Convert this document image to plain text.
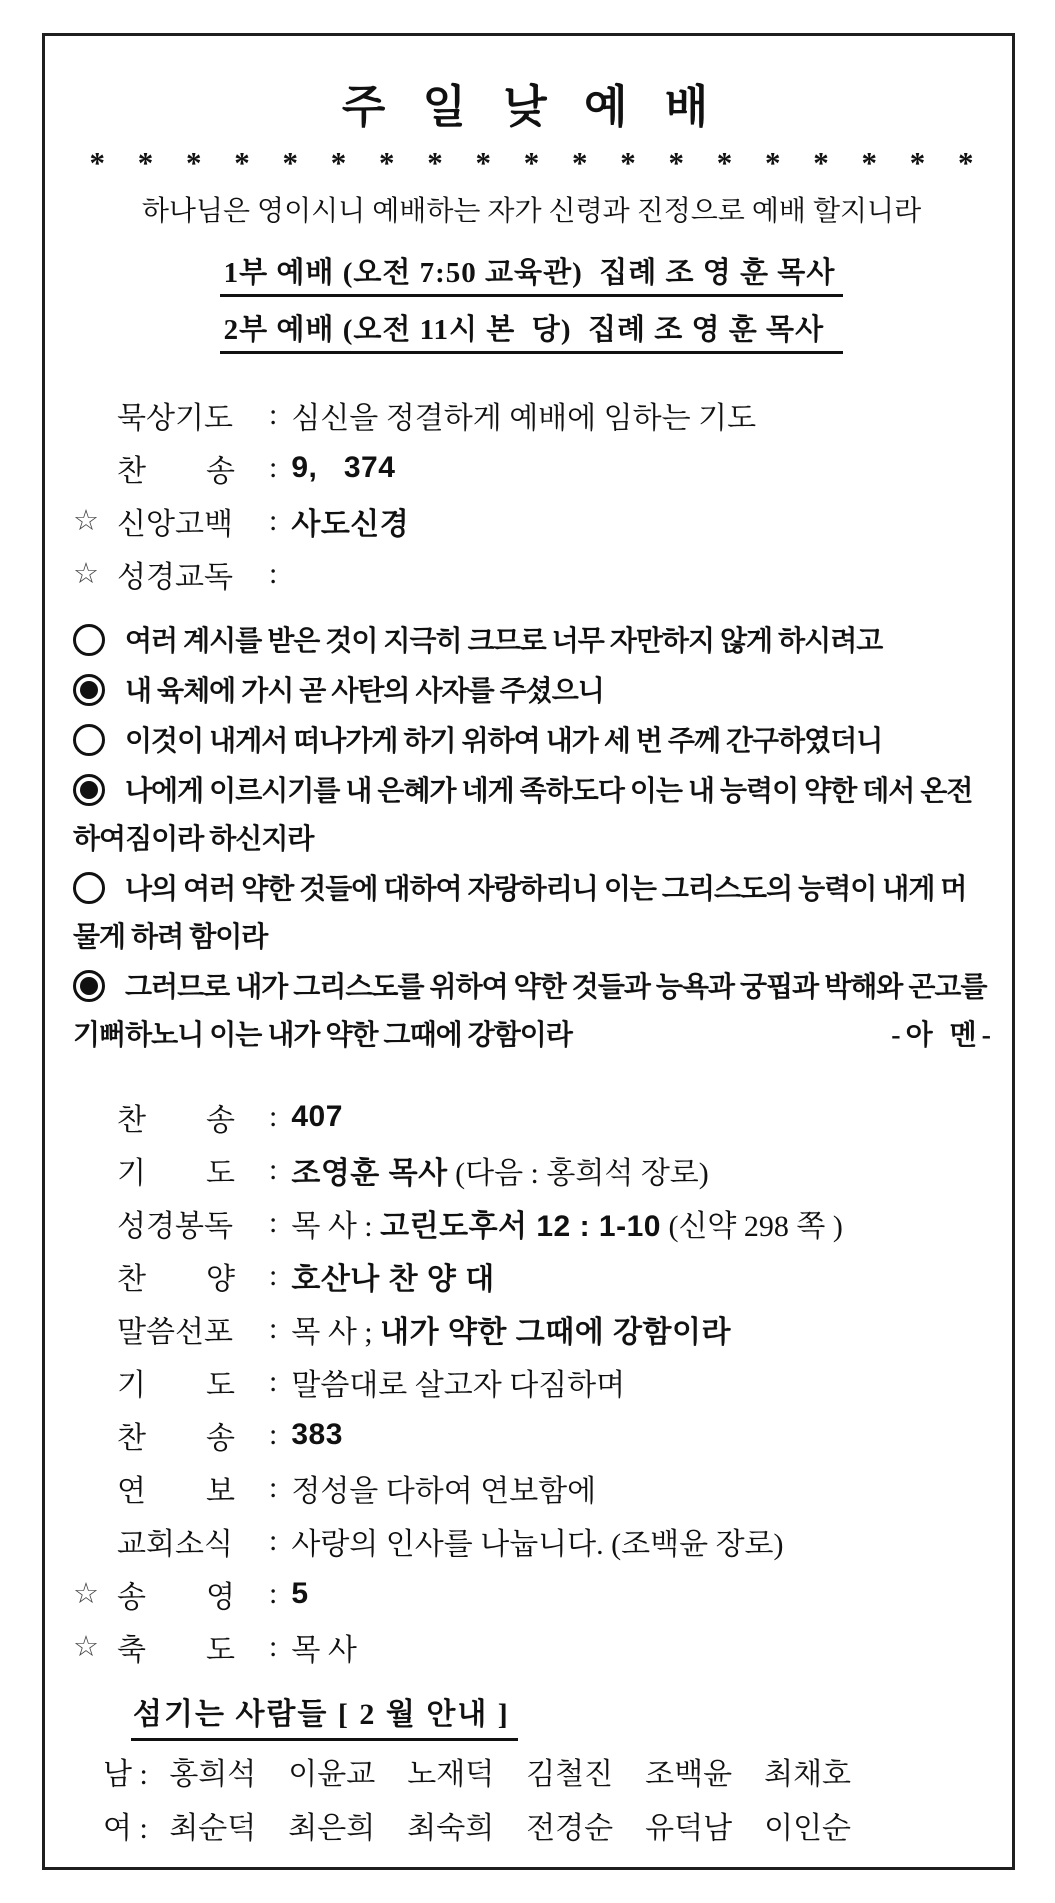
주 일 낮 예 배
* * * * * * * * * * * * * * * * * * *
하나님은 영이시니 예배하는 자가 신령과 진정으로 예배 할지니라
1부 예배 (오전 7:50 교육관)  집례 조 영 훈 목사
2부 예배 (오전 11시 본  당)  집례 조 영 훈 목사
묵상기도	: 심신을 정결하게 예배에 임하는 기도
찬　　송	: 9,   374
☆ 신앙고백	: 사도신경
☆ 성경교독	:
여러 계시를 받은 것이 지극히 크므로 너무 자만하지 않게 하시려고
내 육체에 가시 곧 사탄의 사자를 주셨으니
이것이 내게서 떠나가게 하기 위하여 내가 세 번 주께 간구하였더니
나에게 이르시기를 내 은혜가 네게 족하도다 이는 내 능력이 약한 데서 온전하여짐이라 하신지라
나의 여러 약한 것들에 대하여 자랑하리니 이는 그리스도의 능력이 내게 머물게 하려 함이라
그러므로 내가 그리스도를 위하여 약한 것들과 능욕과 궁핍과 박해와 곤고를 기뻐하노니 이는 내가 약한 그때에 강함이라	- 아   멘 -
찬　　송	: 407
기　　도	: 조영훈 목사 (다음 : 홍희석 장로)
성경봉독	: 목 사 : 고린도후서 12 : 1-10 (신약 298 쪽 )
찬　　양	: 호산나 찬 양 대
말씀선포	: 목 사 ; 내가 약한 그때에 강함이라
기　　도	: 말씀대로 살고자 다짐하며
찬　　송	: 383
연　　보	: 정성을 다하여 연보함에
교회소식	: 사랑의 인사를 나눕니다. (조백윤 장로)
☆ 송　　영	: 5
☆ 축　　도	: 목 사
섬기는 사람들 [ 2 월 안내 ]
남 : 홍희석 이윤교 노재덕 김철진 조백윤 최채호
여 : 최순덕 최은희 최숙희 전경순 유덕남 이인순
